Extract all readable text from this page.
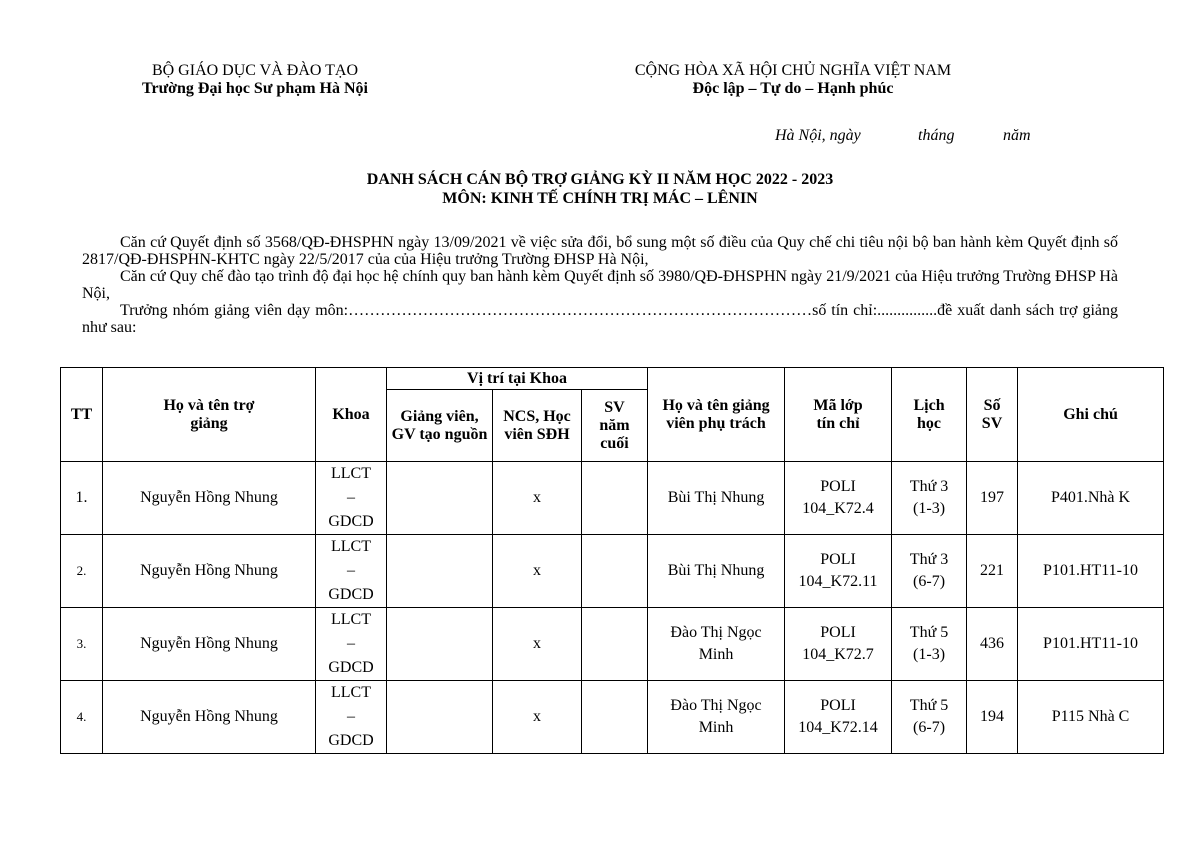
BỘ GIÁO DỤC VÀ ĐÀO TẠO
Trường Đại học Sư phạm Hà Nội
CỘNG HÒA XÃ HỘI CHỦ NGHĨA VIỆT NAM
Độc lập – Tự do – Hạnh phúc
Hà Nội, ngày	tháng	năm
DANH SÁCH CÁN BỘ TRỢ GIẢNG KỲ II NĂM HỌC 2022 - 2023
MÔN: KINH TẾ CHÍNH TRỊ MÁC – LÊNIN

Căn cứ Quyết định số 3568/QĐ-ĐHSPHN ngày 13/09/2021 về việc sửa đổi, bổ sung một số điều của Quy chế chi tiêu nội bộ ban hành kèm Quyết định số 2817/QĐ-ĐHSPHN-KHTC ngày 22/5/2017 của của Hiệu trưởng Trường ĐHSP Hà Nội,

Căn cứ Quy chế đào tạo trình độ đại học hệ chính quy ban hành kèm Quyết định số 3980/QĐ-ĐHSPHN ngày 21/9/2021 của Hiệu trưởng Trường ĐHSP Hà Nội,

Trưởng nhóm giảng viên dạy môn:……………………………………………………………………………số tín chỉ:...............đề xuất danh sách trợ giảng như sau:

TT	Họ và tên trợ giảng	Khoa	Vị trí tại Khoa			Họ và tên giảng viên phụ trách	Mã lớp tín chỉ	Lịch học	Số SV	Ghi chú
			Giảng viên, GV tạo nguồn	NCS, Học viên SĐH	SV năm cuối					
1.	Nguyễn Hồng Nhung	LLCT – GDCD		x		Bùi Thị Nhung	POLI 104_K72.4	Thứ 3 (1-3)	197	P401.Nhà K
2.	Nguyễn Hồng Nhung	LLCT – GDCD		x		Bùi Thị Nhung	POLI 104_K72.11	Thứ 3 (6-7)	221	P101.HT11-10
3.	Nguyễn Hồng Nhung	LLCT – GDCD		x		Đào Thị Ngọc Minh	POLI 104_K72.7	Thứ 5 (1-3)	436	P101.HT11-10
4.	Nguyễn Hồng Nhung	LLCT – GDCD		x		Đào Thị Ngọc Minh	POLI 104_K72.14	Thứ 5 (6-7)	194	P115 Nhà C
